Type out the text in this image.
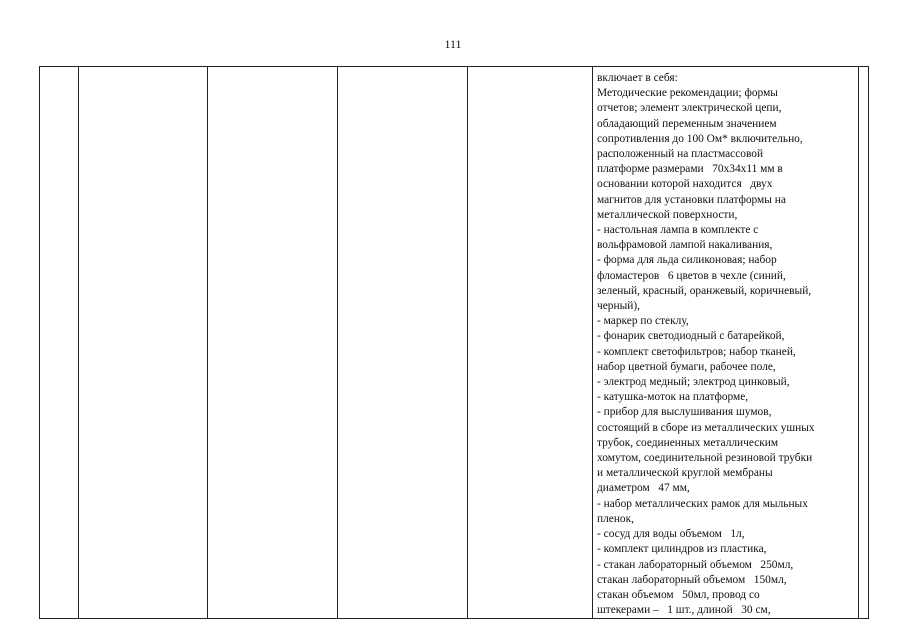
111

включает в себя:
Методические рекомендации; формы
отчетов; элемент электрической цепи,
обладающий переменным значением
сопротивления до 100 Ом* включительно,
расположенный на пластмассовой
платформе размерами   70х34х11 мм в
основании которой находится   двух
магнитов для установки платформы на
металлической поверхности,
- настольная лампа в комплекте с
вольфрамовой лампой накаливания,
- форма для льда силиконовая; набор
фломастеров   6 цветов в чехле (синий,
зеленый, красный, оранжевый, коричневый,
черный),
- маркер по стеклу,
- фонарик светодиодный с батарейкой,
- комплект светофильтров; набор тканей,
набор цветной бумаги, рабочее поле,
- электрод медный; электрод цинковый,
- катушка-моток на платформе,
- прибор для выслушивания шумов,
состоящий в сборе из металлических ушных
трубок, соединенных металлическим
хомутом, соединительной резиновой трубки
и металлической круглой мембраны
диаметром   47 мм,
- набор металлических рамок для мыльных
пленок,
- сосуд для воды объемом   1л,
- комплект цилиндров из пластика,
- стакан лабораторный объемом   250мл,
стакан лабораторный объемом   150мл,
стакан объемом   50мл, провод со
штекерами –   1 шт., длиной   30 см,
